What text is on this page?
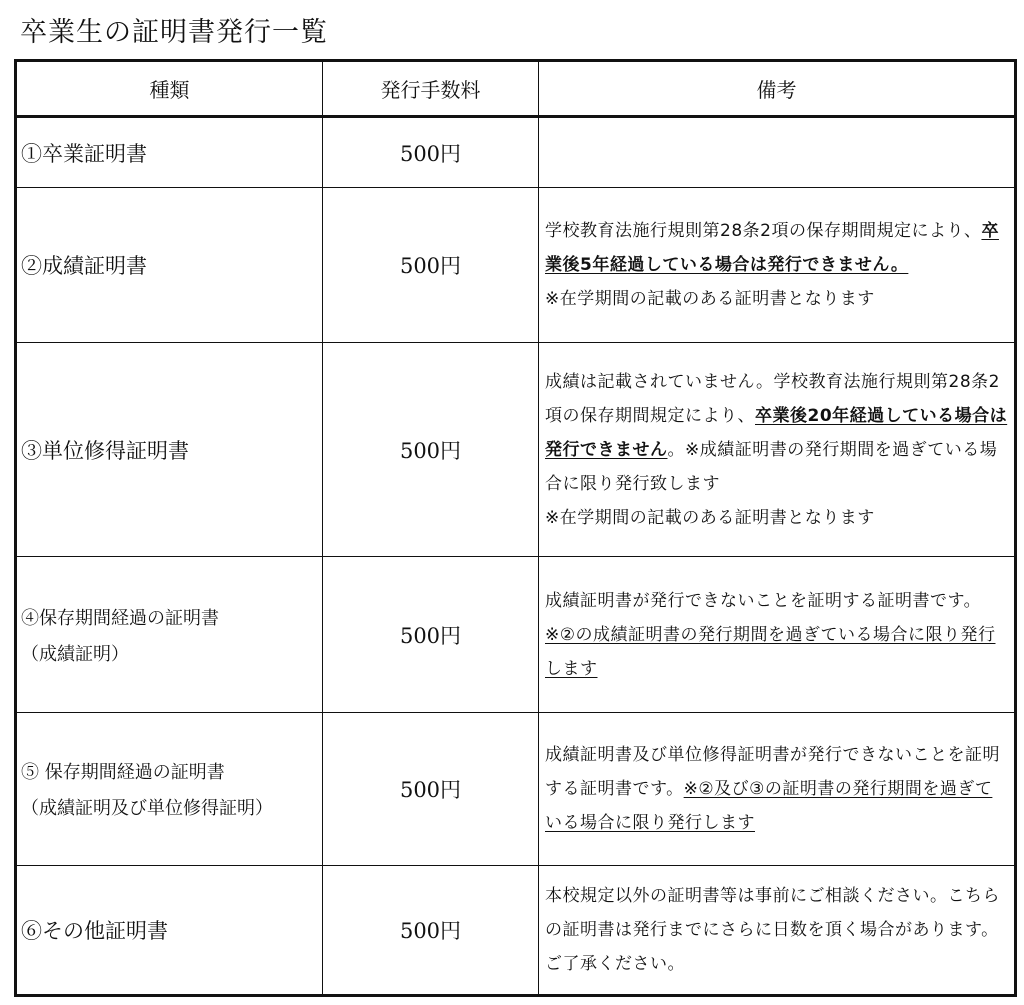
卒業生の証明書発行一覧
種類	発行手数料	備考
①卒業証明書	500円	
②成績証明書	500円	学校教育法施行規則第28条2項の保存期間規定により、卒業後5年経過している場合は発行できません。
※在学期間の記載のある証明書となります
③単位修得証明書	500円	成績は記載されていません。学校教育法施行規則第28条2項の保存期間規定により、卒業後20年経過している場合は発行できません。※成績証明書の発行期間を過ぎている場合に限り発行致します
※在学期間の記載のある証明書となります
④保存期間経過の証明書
（成績証明）	500円	成績証明書が発行できないことを証明する証明書です。
※②の成績証明書の発行期間を過ぎている場合に限り発行します
⑤ 保存期間経過の証明書
（成績証明及び単位修得証明）	500円	成績証明書及び単位修得証明書が発行できないことを証明する証明書です。※②及び③の証明書の発行期間を過ぎている場合に限り発行します
⑥その他証明書	500円	本校規定以外の証明書等は事前にご相談ください。こちらの証明書は発行までにさらに日数を頂く場合があります。ご了承ください。
